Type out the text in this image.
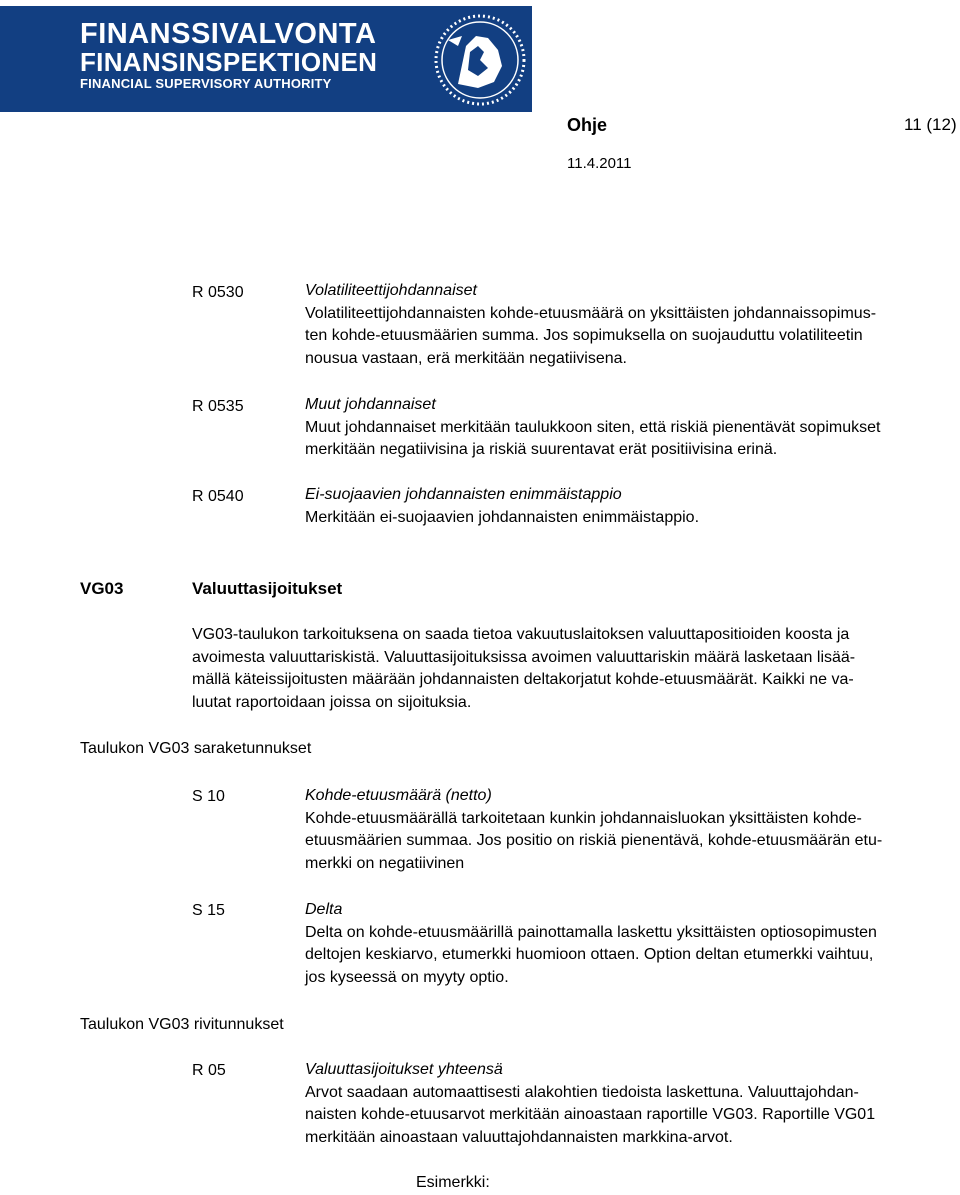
FINANSSIVALVONTA
FINANSINSPEKTIONEN
FINANCIAL SUPERVISORY AUTHORITY
Ohje	11 (12)
11.4.2011
R 0530	Volatiliteettijohdannaiset
Volatiliteettijohdannaisten kohde-etuusmäärä on yksittäisten johdannaissopimus-
ten kohde-etuusmäärien summa. Jos sopimuksella on suojauduttu volatiliteetin
nousua vastaan, erä merkitään negatiivisena.
R 0535	Muut johdannaiset
Muut johdannaiset merkitään taulukkoon siten, että riskiä pienentävät sopimukset
merkitään negatiivisina ja riskiä suurentavat erät positiivisina erinä.
R 0540	Ei-suojaavien johdannaisten enimmäistappio
Merkitään ei-suojaavien johdannaisten enimmäistappio.
VG03	Valuuttasijoitukset
VG03-taulukon tarkoituksena on saada tietoa vakuutuslaitoksen valuuttapositioiden koosta ja
avoimesta valuuttariskistä. Valuuttasijoituksissa avoimen valuuttariskin määrä lasketaan lisää-
mällä käteissijoitusten määrään johdannaisten deltakorjatut kohde-etuusmäärät. Kaikki ne va-
luutat raportoidaan joissa on sijoituksia.
Taulukon VG03 saraketunnukset
S 10	Kohde-etuusmäärä (netto)
Kohde-etuusmäärällä tarkoitetaan kunkin johdannaisluokan yksittäisten kohde-
etuusmäärien summaa. Jos positio on riskiä pienentävä, kohde-etuusmäärän etu-
merkki on negatiivinen
S 15	Delta
Delta on kohde-etuusmäärillä painottamalla laskettu yksittäisten optiosopimusten
deltojen keskiarvo, etumerkki huomioon ottaen. Option deltan etumerkki vaihtuu,
jos kyseessä on myyty optio.
Taulukon VG03 rivitunnukset
R 05	Valuuttasijoitukset yhteensä
Arvot saadaan automaattisesti alakohtien tiedoista laskettuna. Valuuttajohdan-
naisten kohde-etuusarvot merkitään ainoastaan raportille VG03. Raportille VG01
merkitään ainoastaan valuuttajohdannaisten markkina-arvot.
Esimerkki:
